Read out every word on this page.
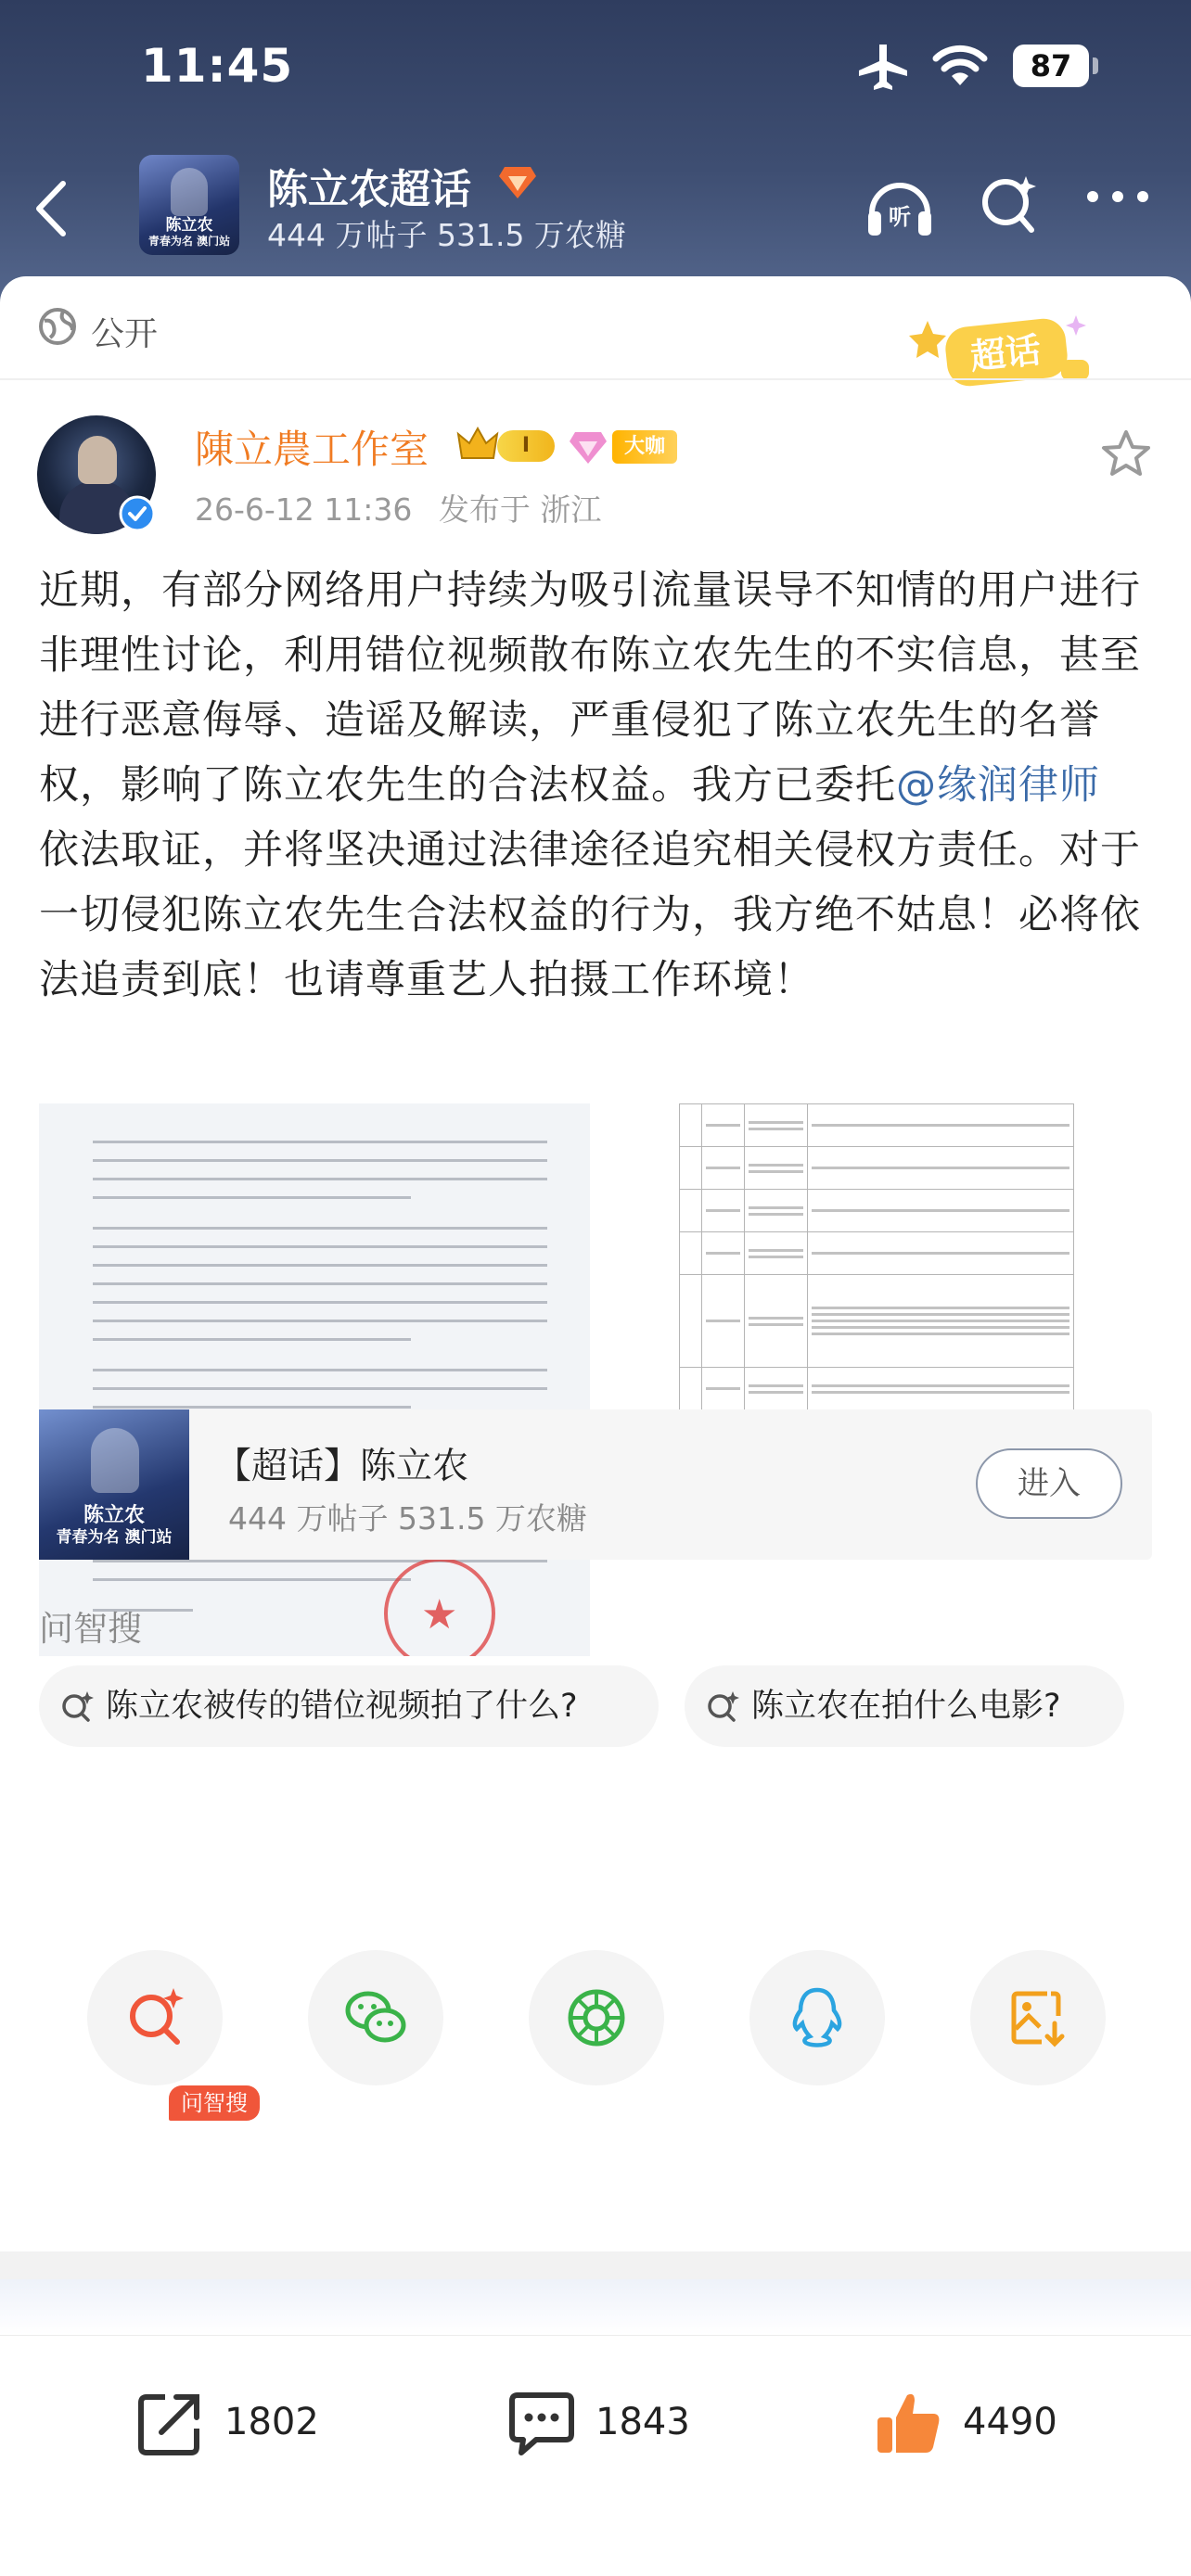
11:45	87
陈立农
青春为名 澳门站
陈立农超话
444 万帖子 531.5 万农糖	听
公开	超话
陳立農工作室	I	大咖
26-6-12 11:36 发布于 浙江
近期，有部分网络用户持续为吸引流量误导不知情的用户进行非理性讨论，利用错位视频散布陈立农先生的不实信息，甚至进行恶意侮辱、造谣及解读，严重侵犯了陈立农先生的名誉权，影响了陈立农先生的合法权益。我方已委托@缘润律师 依法取证，并将坚决通过法律途径追究相关侵权方责任。对于一切侵犯陈立农先生合法权益的行为，我方绝不姑息！必将依法追责到底！也请尊重艺人拍摄工作环境！
★

陈立农
青春为名 澳门站
【超话】陈立农
444 万帖子 531.5 万农糖
进入
问智搜
陈立农被传的错位视频拍了什么?	陈立农在拍什么电影?
问智搜
1802	1843	4490
